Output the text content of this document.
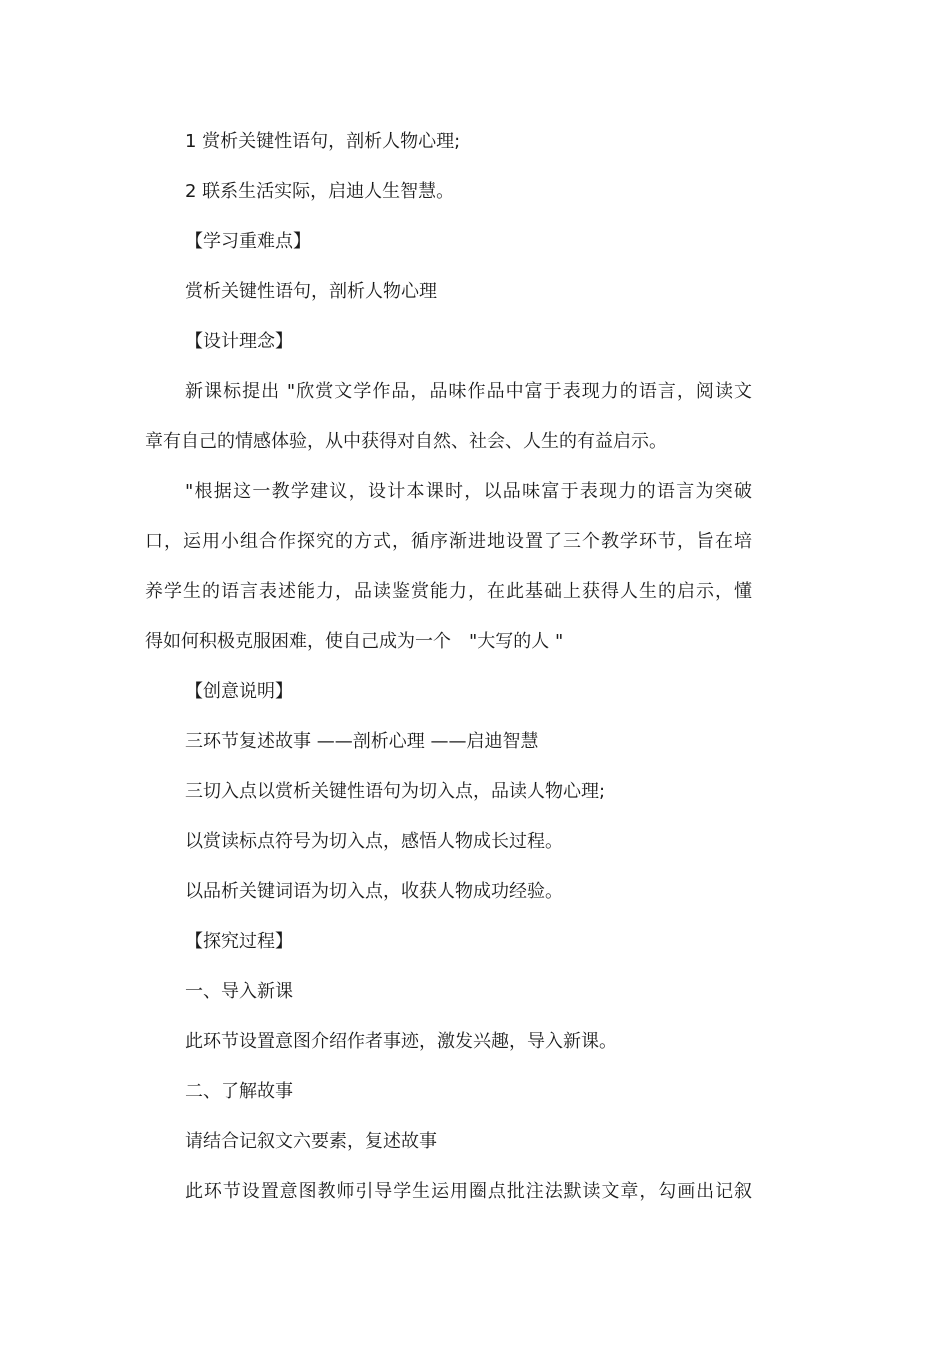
1 赏析关键性语句，剖析人物心理;
2 联系生活实际，启迪人生智慧。
【学习重难点】
赏析关键性语句，剖析人物心理
【设计理念】
新课标提出 "欣赏文学作品，品味作品中富于表现力的语言，阅读文
章有自己的情感体验，从中获得对自然、社会、人生的有益启示。
"根据这一教学建议，设计本课时，以品味富于表现力的语言为突破
口，运用小组合作探究的方式，循序渐进地设置了三个教学环节，旨在培
养学生的语言表述能力，品读鉴赏能力，在此基础上获得人生的启示，懂
得如何积极克服困难，使自己成为一个　"大写的人 "
【创意说明】
三环节复述故事 ——剖析心理 ——启迪智慧
三切入点以赏析关键性语句为切入点，品读人物心理;
以赏读标点符号为切入点，感悟人物成长过程。
以品析关键词语为切入点，收获人物成功经验。
【探究过程】
一、导入新课
此环节设置意图介绍作者事迹，激发兴趣，导入新课。
二、了解故事
请结合记叙文六要素，复述故事
此环节设置意图教师引导学生运用圈点批注法默读文章，勾画出记叙
